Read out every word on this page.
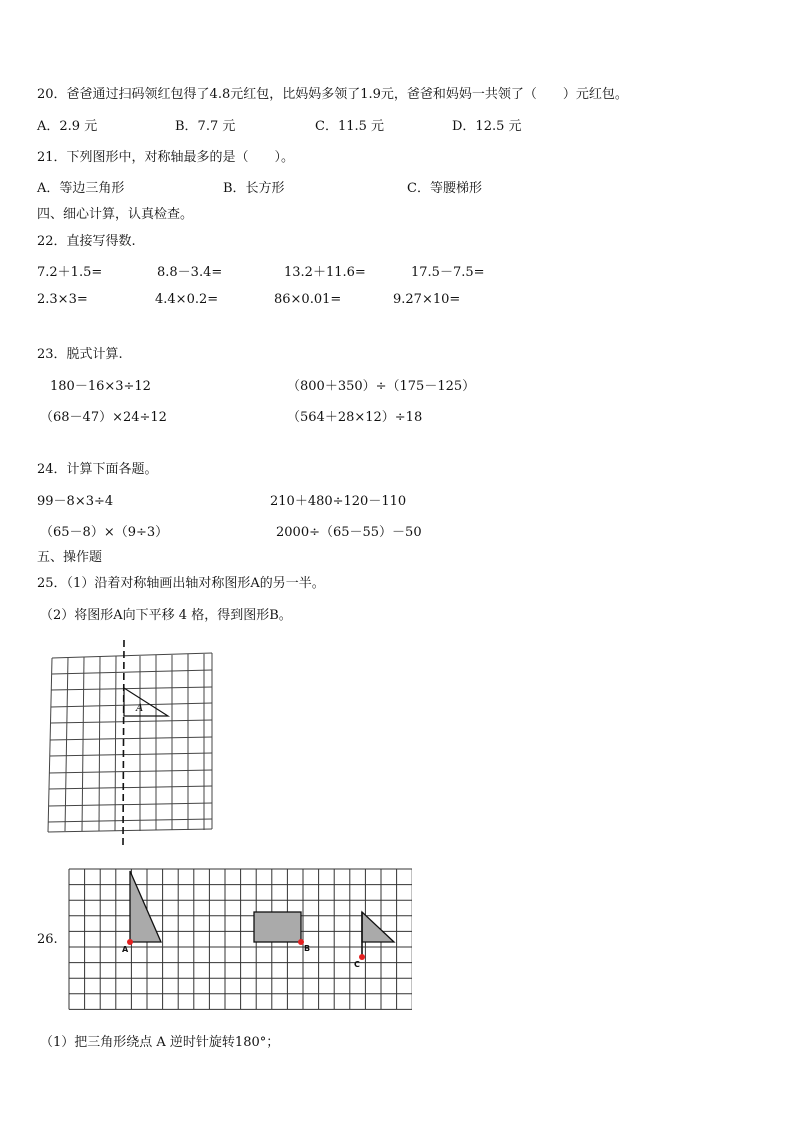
20．爸爸通过扫码领红包得了4.8元红包，比妈妈多领了1.9元，爸爸和妈妈一共领了（　　）元红包。
A．2.9 元	B．7.7 元	C．11.5 元	D．12.5 元
21．下列图形中，对称轴最多的是（　　）。
A．等边三角形	B．长方形	C．等腰梯形
四、细心计算，认真检查。
22．直接写得数.
7.2＋1.5=	8.8－3.4=	13.2＋11.6=	17.5－7.5=
2.3×3=	4.4×0.2=	86×0.01=	9.27×10=
23．脱式计算.
180－16×3÷12	（800＋350）÷（175－125）
（68－47）×24÷12	（564＋28×12）÷18
24．计算下面各题。
99－8×3÷4	210＋480÷120－110
（65－8）×（9÷3）	2000÷（65－55）－50
五、操作题
25．（1）沿着对称轴画出轴对称图形A的另一半。
（2）将图形A向下平移 4 格，得到图形B。
A
26.
A	B
C
（1）把三角形绕点 A 逆时针旋转180°；
